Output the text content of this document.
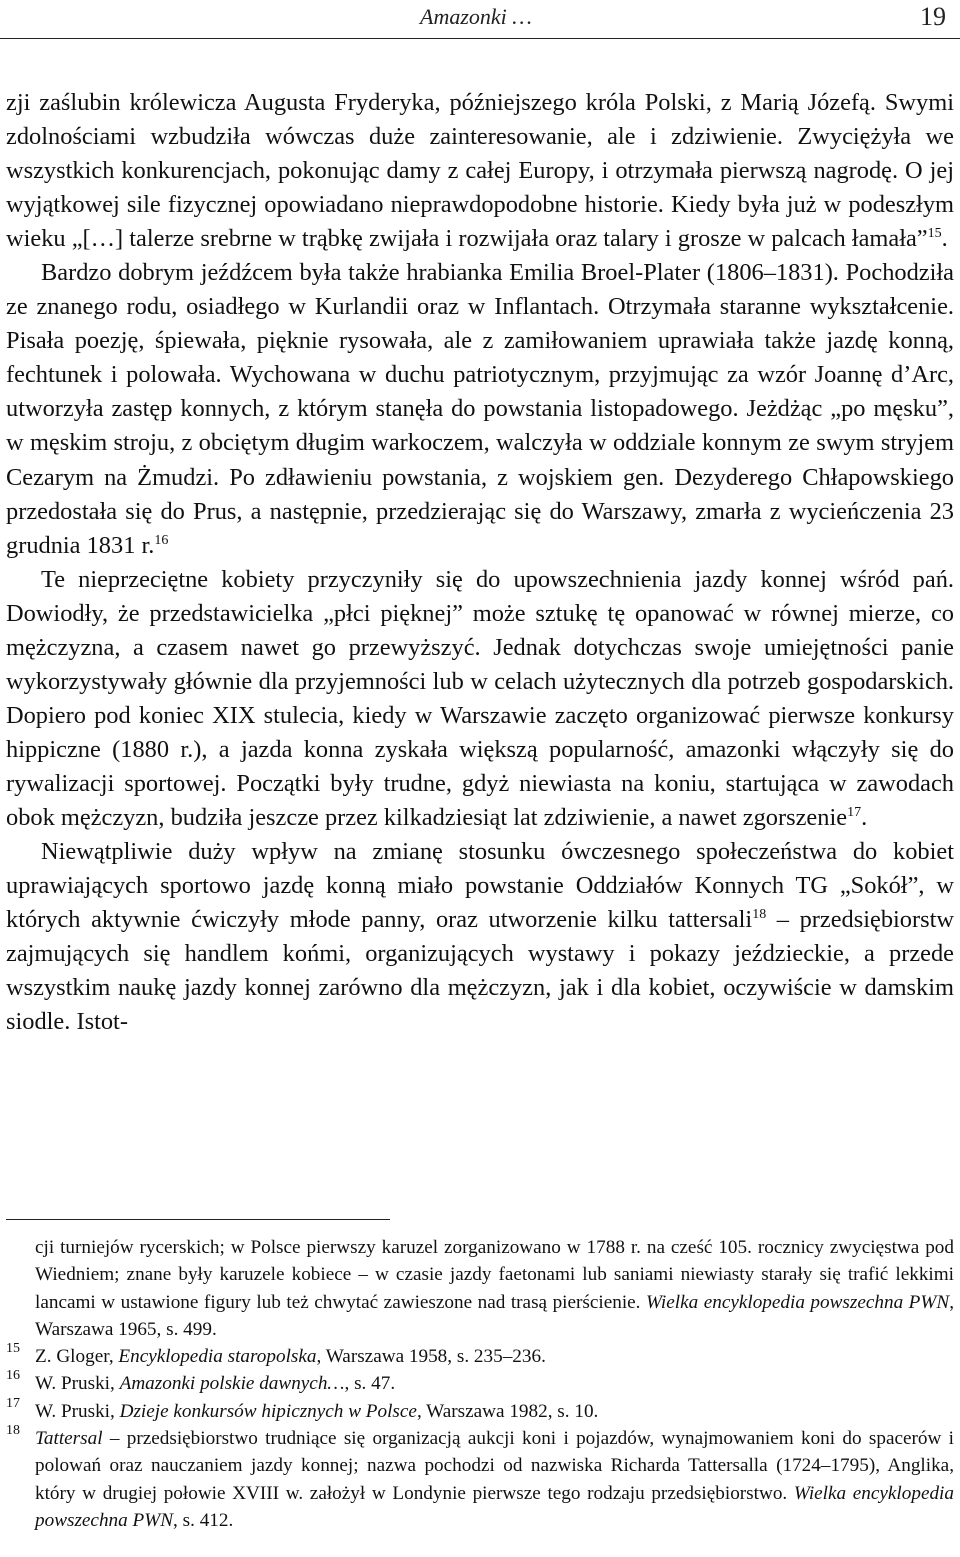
Amazonki …	19

zji zaślubin królewicza Augusta Fryderyka, późniejszego króla Polski, z Marią Józefą. Swymi zdolnościami wzbudziła wówczas duże zainteresowanie, ale i zdziwienie. Zwyciężyła we wszystkich konkurencjach, pokonując damy z całej Europy, i otrzymała pierwszą nagrodę. O jej wyjątkowej sile fizycznej opowiadano nieprawdopodobne historie. Kiedy była już w podeszłym wieku „[…] talerze srebrne w trąbkę zwijała i rozwijała oraz talary i grosze w palcach łamała”$^{15}$.

Bardzo dobrym jeźdźcem była także hrabianka Emilia Broel-Plater (1806–1831). Pochodziła ze znanego rodu, osiadłego w Kurlandii oraz w Inflantach. Otrzymała staranne wykształcenie. Pisała poezję, śpiewała, pięknie rysowała, ale z zamiłowaniem uprawiała także jazdę konną, fechtunek i polowała. Wychowana w duchu patriotycznym, przyjmując za wzór Joannę d’Arc, utworzyła zastęp konnych, z którym stanęła do powstania listopadowego. Jeżdżąc „po męsku”, w męskim stroju, z obciętym długim warkoczem, walczyła w oddziale konnym ze swym stryjem Cezarym na Żmudzi. Po zdławieniu powstania, z wojskiem gen. Dezyderego Chłapowskiego przedostała się do Prus, a następnie, przedzierając się do Warszawy, zmarła z wycieńczenia 23 grudnia 1831 r.$^{16}$

Te nieprzeciętne kobiety przyczyniły się do upowszechnienia jazdy konnej wśród pań. Dowiodły, że przedstawicielka „płci pięknej” może sztukę tę opanować w równej mierze, co mężczyzna, a czasem nawet go przewyższyć. Jednak dotychczas swoje umiejętności panie wykorzystywały głównie dla przyjemności lub w celach użytecznych dla potrzeb gospodarskich. Dopiero pod koniec XIX stulecia, kiedy w Warszawie zaczęto organizować pierwsze konkursy hippiczne (1880 r.), a jazda konna zyskała większą popularność, amazonki włączyły się do rywalizacji sportowej. Początki były trudne, gdyż niewiasta na koniu, startująca w zawodach obok mężczyzn, budziła jeszcze przez kilkadziesiąt lat zdziwienie, a nawet zgorszenie$^{17}$.

Niewątpliwie duży wpływ na zmianę stosunku ówczesnego społeczeństwa do kobiet uprawiających sportowo jazdę konną miało powstanie Oddziałów Konnych TG „Sokół”, w których aktywnie ćwiczyły młode panny, oraz utworzenie kilku tattersali$^{18}$ – przedsiębiorstw zajmujących się handlem końmi, organizujących wystawy i pokazy jeździeckie, a przede wszystkim naukę jazdy konnej zarówno dla mężczyzn, jak i dla kobiet, oczywiście w damskim siodle. Istot-

cji turniejów rycerskich; w Polsce pierwszy karuzel zorganizowano w 1788 r. na cześć 105. rocznicy zwycięstwa pod Wiedniem; znane były karuzele kobiece – w czasie jazdy faetonami lub saniami niewiasty starały się trafić lekkimi lancami w ustawione figury lub też chwytać zawieszone nad trasą pierścienie. Wielka encyklopedia powszechna PWN, Warszawa 1965, s. 499.
15 Z. Gloger, Encyklopedia staropolska, Warszawa 1958, s. 235–236.
16 W. Pruski, Amazonki polskie dawnych…, s. 47.
17 W. Pruski, Dzieje konkursów hipicznych w Polsce, Warszawa 1982, s. 10.
18 Tattersal – przedsiębiorstwo trudniące się organizacją aukcji koni i pojazdów, wynajmowaniem koni do spacerów i polowań oraz nauczaniem jazdy konnej; nazwa pochodzi od nazwiska Richarda Tattersalla (1724–1795), Anglika, który w drugiej połowie XVIII w. założył w Londynie pierwsze tego rodzaju przedsiębiorstwo. Wielka encyklopedia powszechna PWN, s. 412.
